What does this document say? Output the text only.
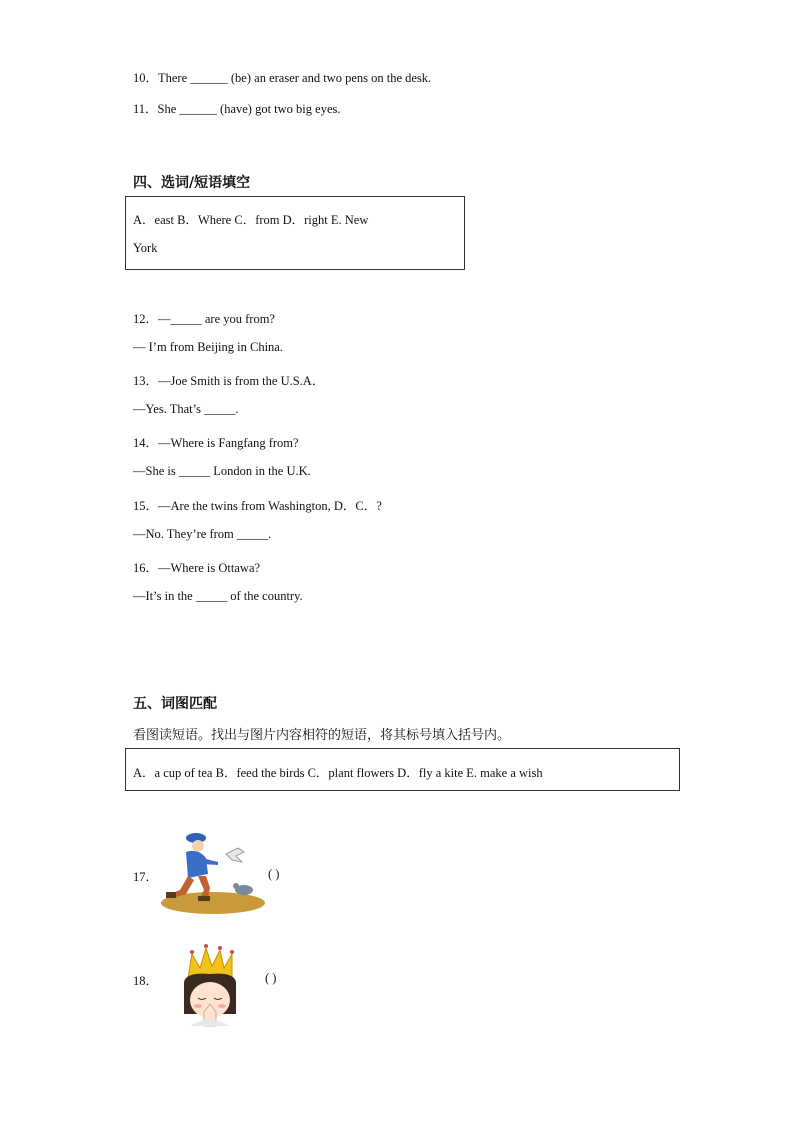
10．There ______ (be) an eraser and two pens on the desk.
11．She ______ (have) got two big eyes.
四、选词/短语填空
A．east B．Where C．from D．right E. New
York
12．—_____ are you from?
— I’m from Beijing in China.
13．—Joe Smith is from the U.S.A．
—Yes. That’s _____.
14．—Where is Fangfang from?
—She is _____ London in the U.K.
15．—Are the twins from Washington, D．C．?
—No. They’re from _____.
16．—Where is Ottawa?
—It’s in the _____ of the country.
五、词图匹配
看图读短语。找出与图片内容相符的短语，将其标号填入括号内。
A．a cup of tea B．feed the birds C．plant flowers D．fly a kite E. make a wish
17．	( )
18．	( )
